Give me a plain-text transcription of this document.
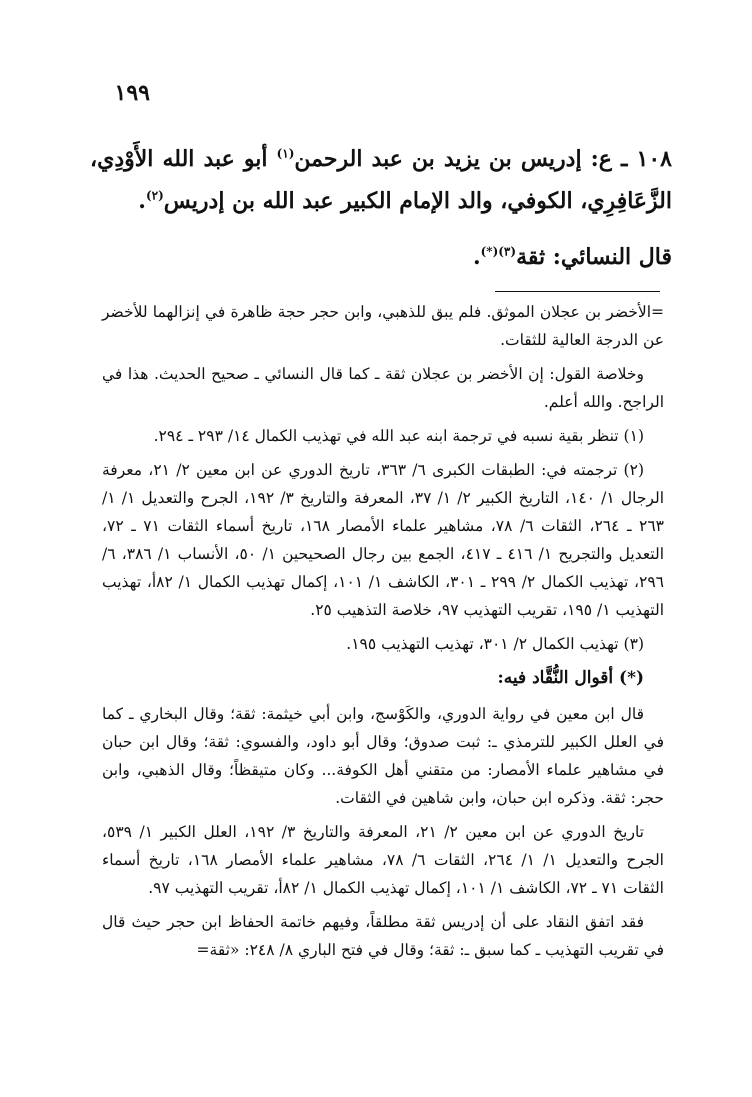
١٩٩

١٠٨ ـ ع: إدريس بن يزيد بن عبد الرحمن$^{(١)}$ أبو عبد الله الأَوْدِي، الزَّعَافِرِي، الكوفي، والد الإمام الكبير عبد الله بن إدريس$^{(٢)}$.

قال النسائي: ثقة$^{(٣)(*)}$.

=الأخضر بن عجلان الموثق. فلم يبق للذهبي، وابن حجر حجة ظاهرة في إنزالهما للأخضر عن الدرجة العالية للثقات.

وخلاصة القول: إن الأخضر بن عجلان ثقة ـ كما قال النسائي ـ صحيح الحديث. هذا في الراجح. والله أعلم.

(١) تنظر بقية نسبه في ترجمة ابنه عبد الله في تهذيب الكمال ١٤/ ٢٩٣ ـ ٢٩٤.

(٢) ترجمته في: الطبقات الكبرى ٦/ ٣٦٣، تاريخ الدوري عن ابن معين ٢/ ٢١، معرفة الرجال ١/ ١٤٠، التاريخ الكبير ٢/ ١/ ٣٧، المعرفة والتاريخ ٣/ ١٩٢، الجرح والتعديل ١/ ١/ ٢٦٣ ـ ٢٦٤، الثقات ٦/ ٧٨، مشاهير علماء الأمصار ١٦٨، تاريخ أسماء الثقات ٧١ ـ ٧٢، التعديل والتجريح ١/ ٤١٦ ـ ٤١٧، الجمع بين رجال الصحيحين ١/ ٥٠، الأنساب ١/ ٣٨٦، ٦/ ٢٩٦، تهذيب الكمال ٢/ ٢٩٩ ـ ٣٠١، الكاشف ١/ ١٠١، إكمال تهذيب الكمال ١/ ٨٢أ، تهذيب التهذيب ١/ ١٩٥، تقريب التهذيب ٩٧، خلاصة التذهيب ٢٥.

(٣) تهذيب الكمال ٢/ ٣٠١، تهذيب التهذيب ١٩٥.

(*) أقوال النُّقَّاد فيه:

قال ابن معين في رواية الدوري، والكَوْسج، وابن أبي خيثمة: ثقة؛ وقال البخاري ـ كما في العلل الكبير للترمذي ـ: ثبت صدوق؛ وقال أبو داود، والفسوي: ثقة؛ وقال ابن حبان في مشاهير علماء الأمصار: من متقني أهل الكوفة... وكان متيقظاً؛ وقال الذهبي، وابن حجر: ثقة. وذكره ابن حبان، وابن شاهين في الثقات.

تاريخ الدوري عن ابن معين ٢/ ٢١، المعرفة والتاريخ ٣/ ١٩٢، العلل الكبير ١/ ٥٣٩، الجرح والتعديل ١/ ١/ ٢٦٤، الثقات ٦/ ٧٨، مشاهير علماء الأمصار ١٦٨، تاريخ أسماء الثقات ٧١ ـ ٧٢، الكاشف ١/ ١٠١، إكمال تهذيب الكمال ١/ ٨٢أ، تقريب التهذيب ٩٧.

فقد اتفق النقاد على أن إدريس ثقة مطلقاً، وفيهم خاتمة الحفاظ ابن حجر حيث قال في تقريب التهذيب ـ كما سبق ـ: ثقة؛ وقال في فتح الباري ٨/ ٢٤٨: «ثقة=
